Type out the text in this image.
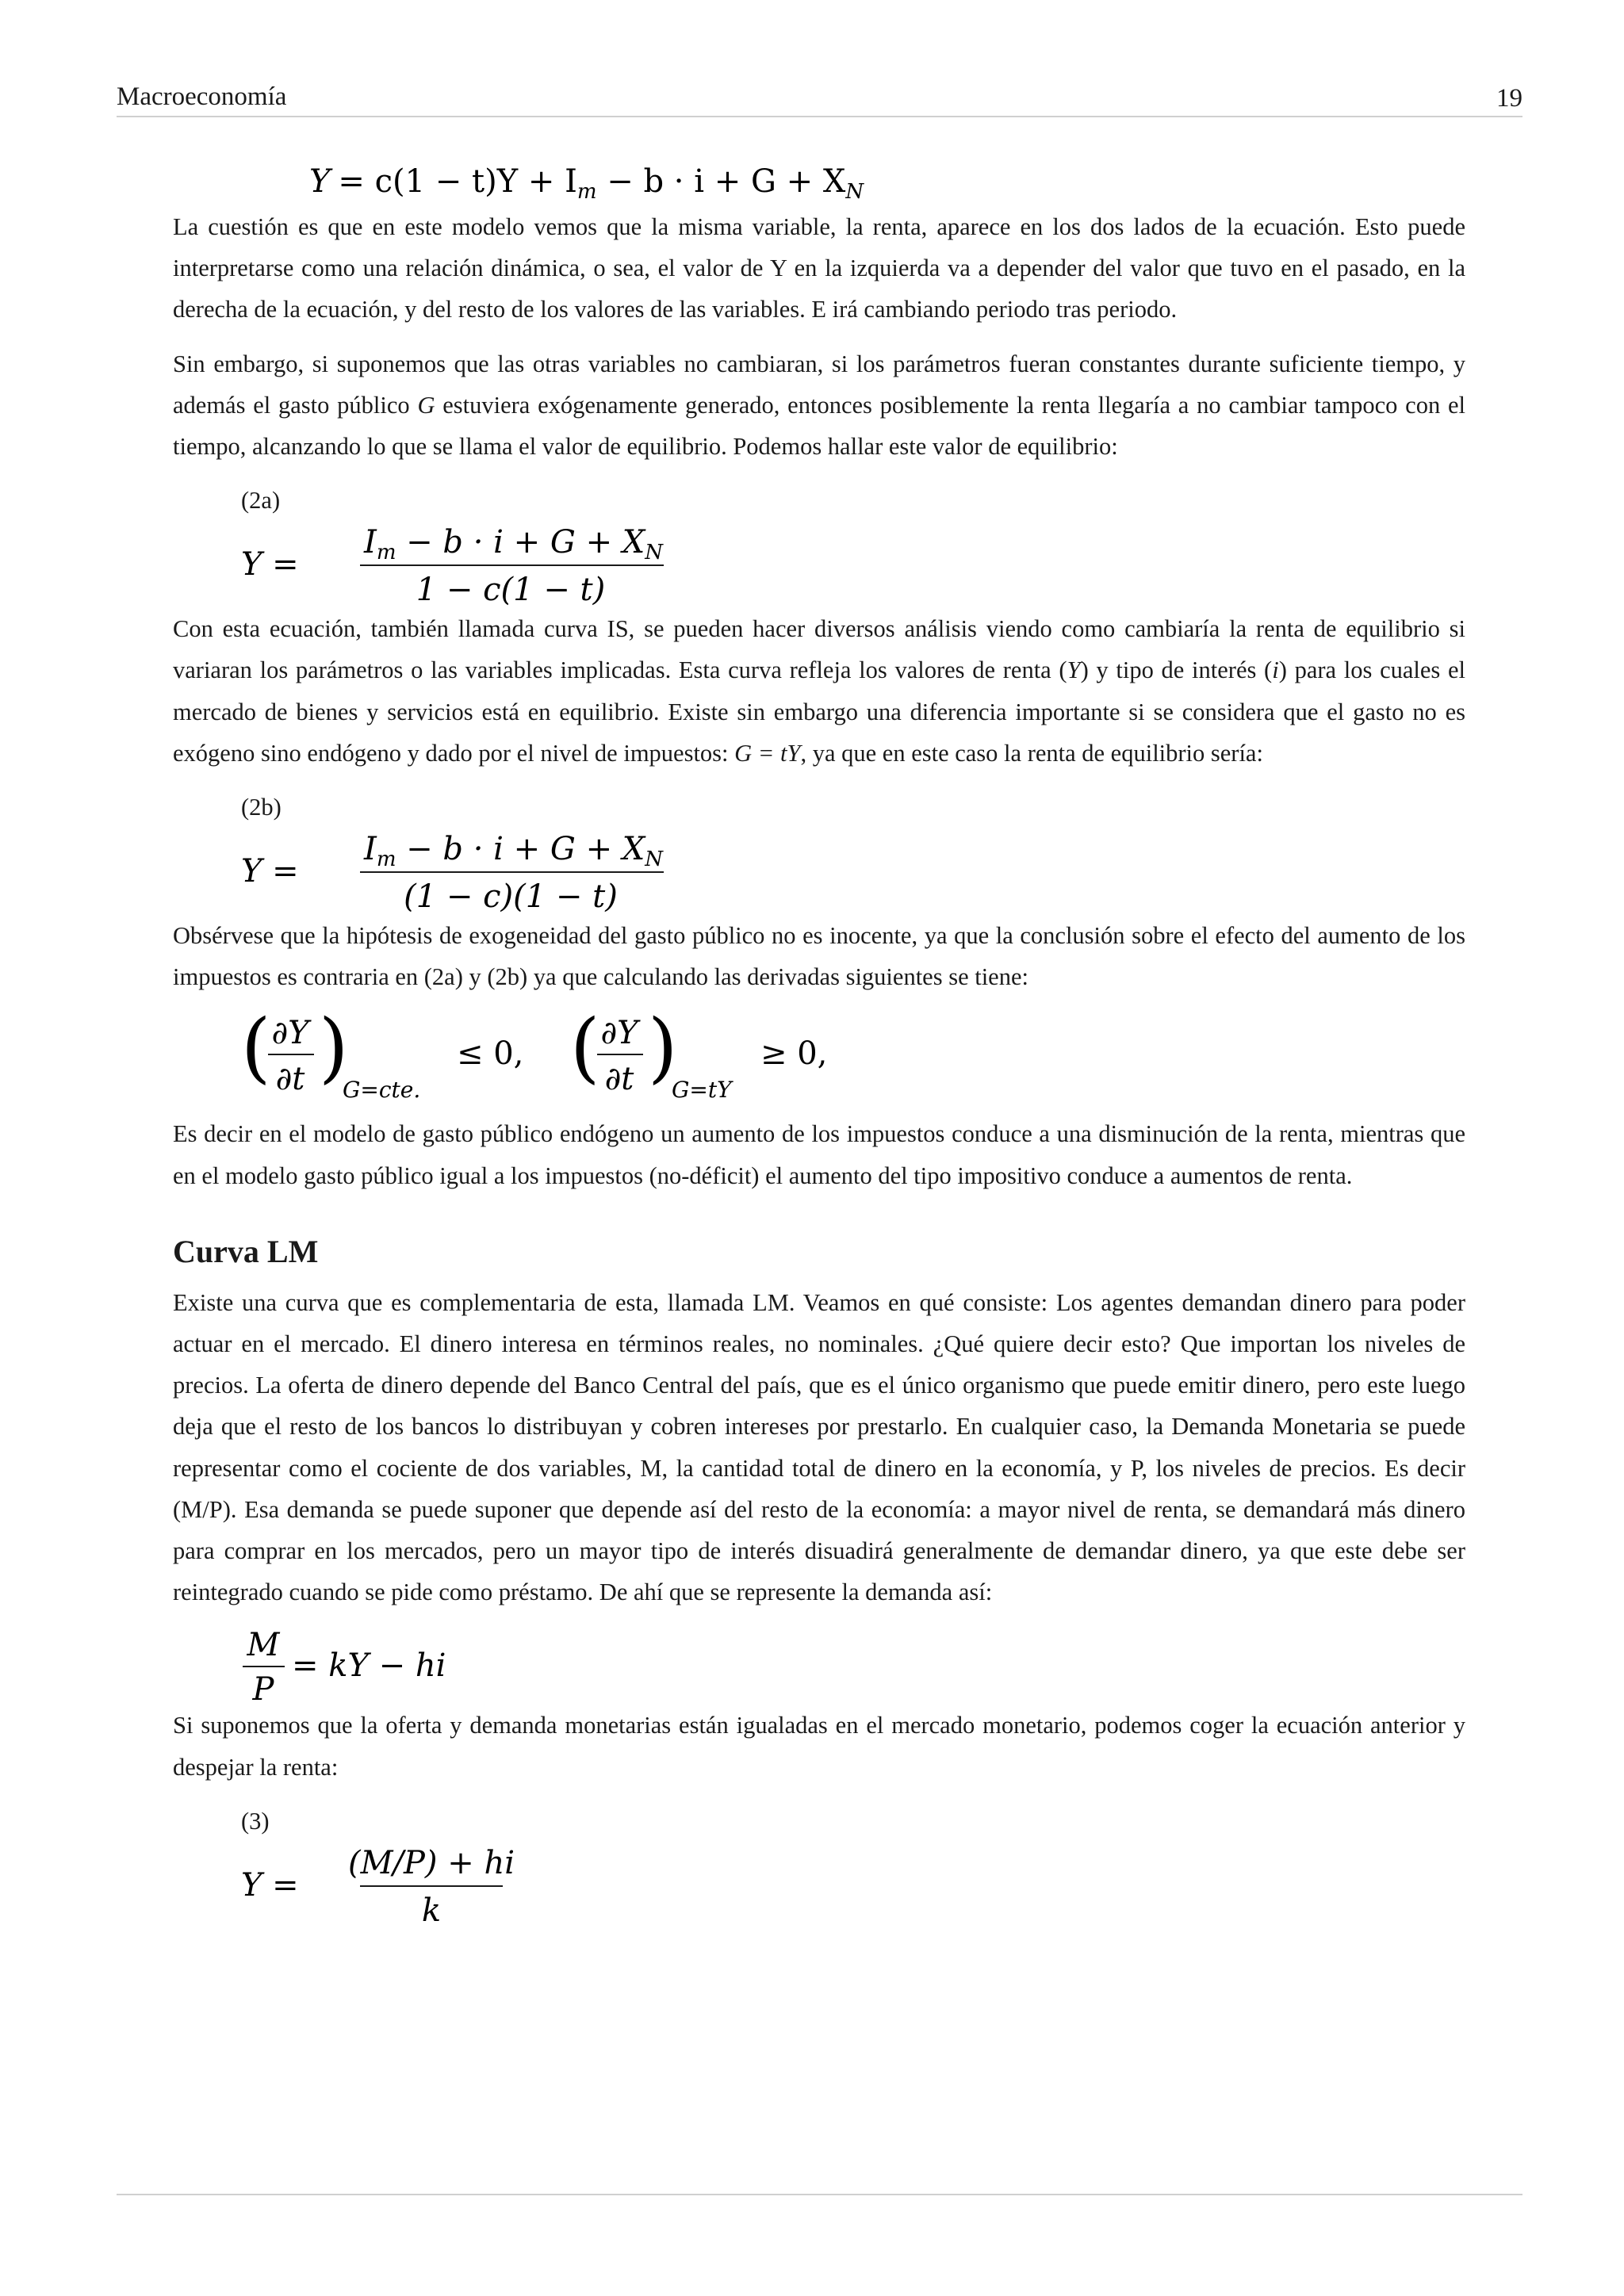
Macroeconomía	19
$Y = c(1 - t)Y + I_m - b \cdot i + G + X_N$

La cuestión es que en este modelo vemos que la misma variable, la renta, aparece en los dos lados de la ecuación. Esto puede interpretarse como una relación dinámica, o sea, el valor de Y en la izquierda va a depender del valor que tuvo en el pasado, en la derecha de la ecuación, y del resto de los valores de las variables. E irá cambiando periodo tras periodo.

Sin embargo, si suponemos que las otras variables no cambiaran, si los parámetros fueran constantes durante suficiente tiempo, y además el gasto público G estuviera exógenamente generado, entonces posiblemente la renta llegaría a no cambiar tampoco con el tiempo, alcanzando lo que se llama el valor de equilibrio. Podemos hallar este valor de equilibrio:

(2a)
Y =
$I_m - b \cdot i + G + X_N$
1 − c(1 − t)

Con esta ecuación, también llamada curva IS, se pueden hacer diversos análisis viendo como cambiaría la renta de equilibrio si variaran los parámetros o las variables implicadas. Esta curva refleja los valores de renta (Y) y tipo de interés (i) para los cuales el mercado de bienes y servicios está en equilibrio. Existe sin embargo una diferencia importante si se considera que el gasto no es exógeno sino endógeno y dado por el nivel de impuestos: G = tY, ya que en este caso la renta de equilibrio sería:

(2b)
Y =
$I_m - b \cdot i + G + X_N$
(1 − c)(1 − t)

Obsérvese que la hipótesis de exogeneidad del gasto público no es inocente, ya que la conclusión sobre el efecto del aumento de los impuestos es contraria en (2a) y (2b) ya que calculando las derivadas siguientes se tiene:

( ∂Y
∂t )
G=cte.
≤ 0, ( ∂Y
∂t )
G=tY
≥ 0,

Es decir en el modelo de gasto público endógeno un aumento de los impuestos conduce a una disminución de la renta, mientras que en el modelo gasto público igual a los impuestos (no-déficit) el aumento del tipo impositivo conduce a aumentos de renta.

Curva LM

Existe una curva que es complementaria de esta, llamada LM. Veamos en qué consiste: Los agentes demandan dinero para poder actuar en el mercado. El dinero interesa en términos reales, no nominales. ¿Qué quiere decir esto? Que importan los niveles de precios. La oferta de dinero depende del Banco Central del país, que es el único organismo que puede emitir dinero, pero este luego deja que el resto de los bancos lo distribuyan y cobren intereses por prestarlo. En cualquier caso, la Demanda Monetaria se puede representar como el cociente de dos variables, M, la cantidad total de dinero en la economía, y P, los niveles de precios. Es decir (M/P). Esa demanda se puede suponer que depende así del resto de la economía: a mayor nivel de renta, se demandará más dinero para comprar en los mercados, pero un mayor tipo de interés disuadirá generalmente de demandar dinero, ya que este debe ser reintegrado cuando se pide como préstamo. De ahí que se represente la demanda así:

M
P
= kY − hi

Si suponemos que la oferta y demanda monetarias están igualadas en el mercado monetario, podemos coger la ecuación anterior y despejar la renta:

(3)
Y =
(M/P) + hi
k
